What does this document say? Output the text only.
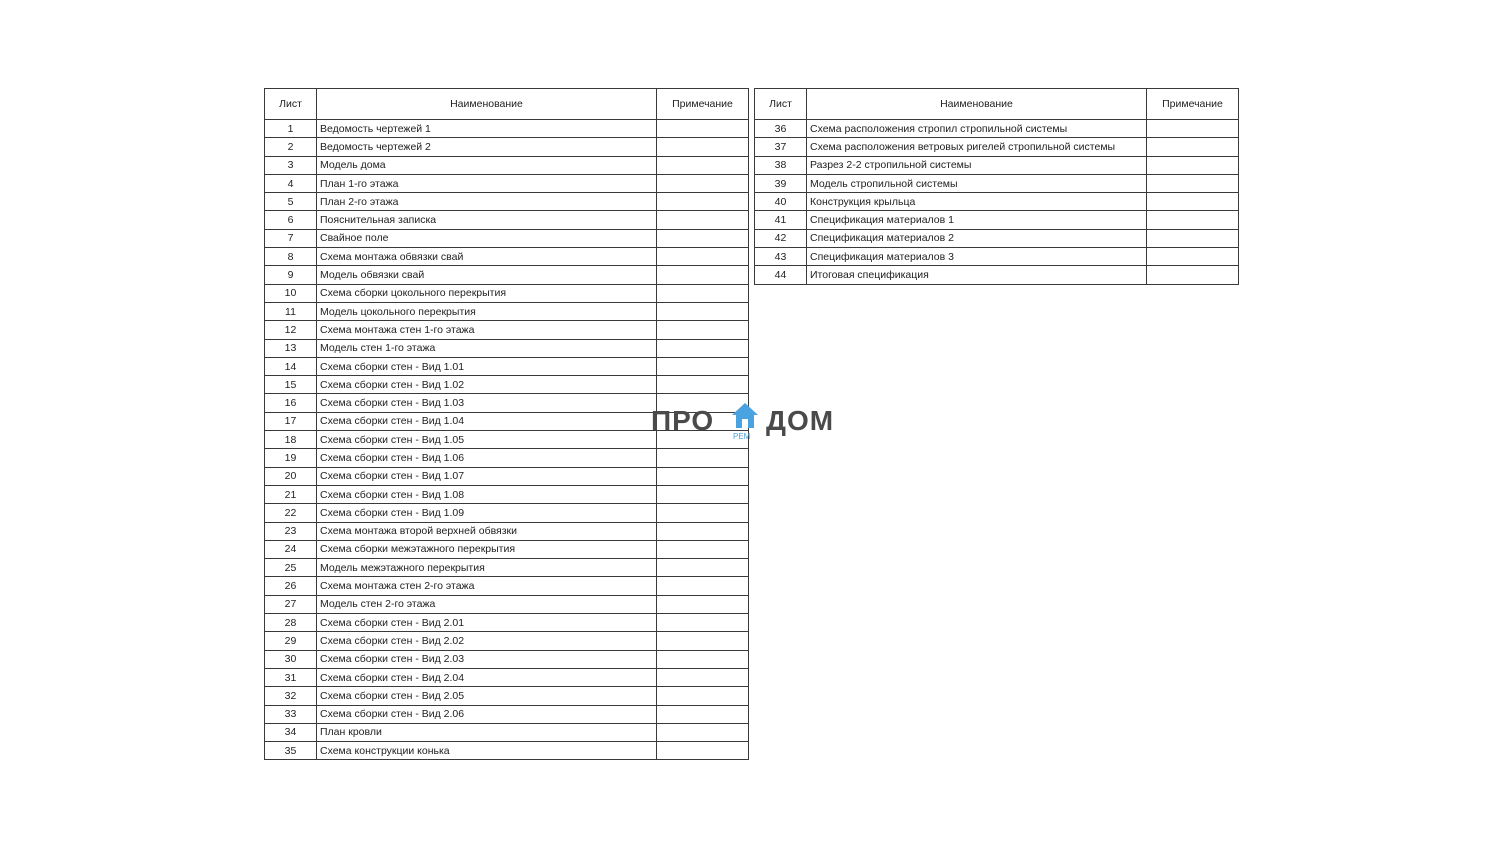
Лист	Наименование	Примечание
1	Ведомость чертежей 1	
2	Ведомость чертежей 2	
3	Модель дома	
4	План 1-го этажа	
5	План 2-го этажа	
6	Пояснительная записка	
7	Свайное поле	
8	Схема монтажа обвязки свай	
9	Модель обвязки свай	
10	Схема сборки цокольного перекрытия	
11	Модель цокольного перекрытия	
12	Схема монтажа стен 1-го этажа	
13	Модель стен 1-го этажа	
14	Схема сборки стен - Вид 1.01	
15	Схема сборки стен - Вид 1.02	
16	Схема сборки стен - Вид 1.03	
17	Схема сборки стен - Вид 1.04	
18	Схема сборки стен - Вид 1.05	
19	Схема сборки стен - Вид 1.06	
20	Схема сборки стен - Вид 1.07	
21	Схема сборки стен - Вид 1.08	
22	Схема сборки стен - Вид 1.09	
23	Схема монтажа второй верхней обвязки	
24	Схема сборки межэтажного перекрытия	
25	Модель межэтажного перекрытия	
26	Схема монтажа стен 2-го этажа	
27	Модель стен 2-го этажа	
28	Схема сборки стен - Вид 2.01	
29	Схема сборки стен - Вид 2.02	
30	Схема сборки стен - Вид 2.03	
31	Схема сборки стен - Вид 2.04	
32	Схема сборки стен - Вид 2.05	
33	Схема сборки стен - Вид 2.06	
34	План кровли	
35	Схема конструкции конька	
Лист	Наименование	Примечание
36	Схема расположения стропил стропильной системы	
37	Схема расположения ветровых ригелей стропильной системы	
38	Разрез 2-2 стропильной системы	
39	Модель стропильной системы	
40	Конструкция крыльца	
41	Спецификация материалов 1	
42	Спецификация материалов 2	
43	Спецификация материалов 3	
44	Итоговая спецификация	
ПРО
РЕМ
ДОМ
